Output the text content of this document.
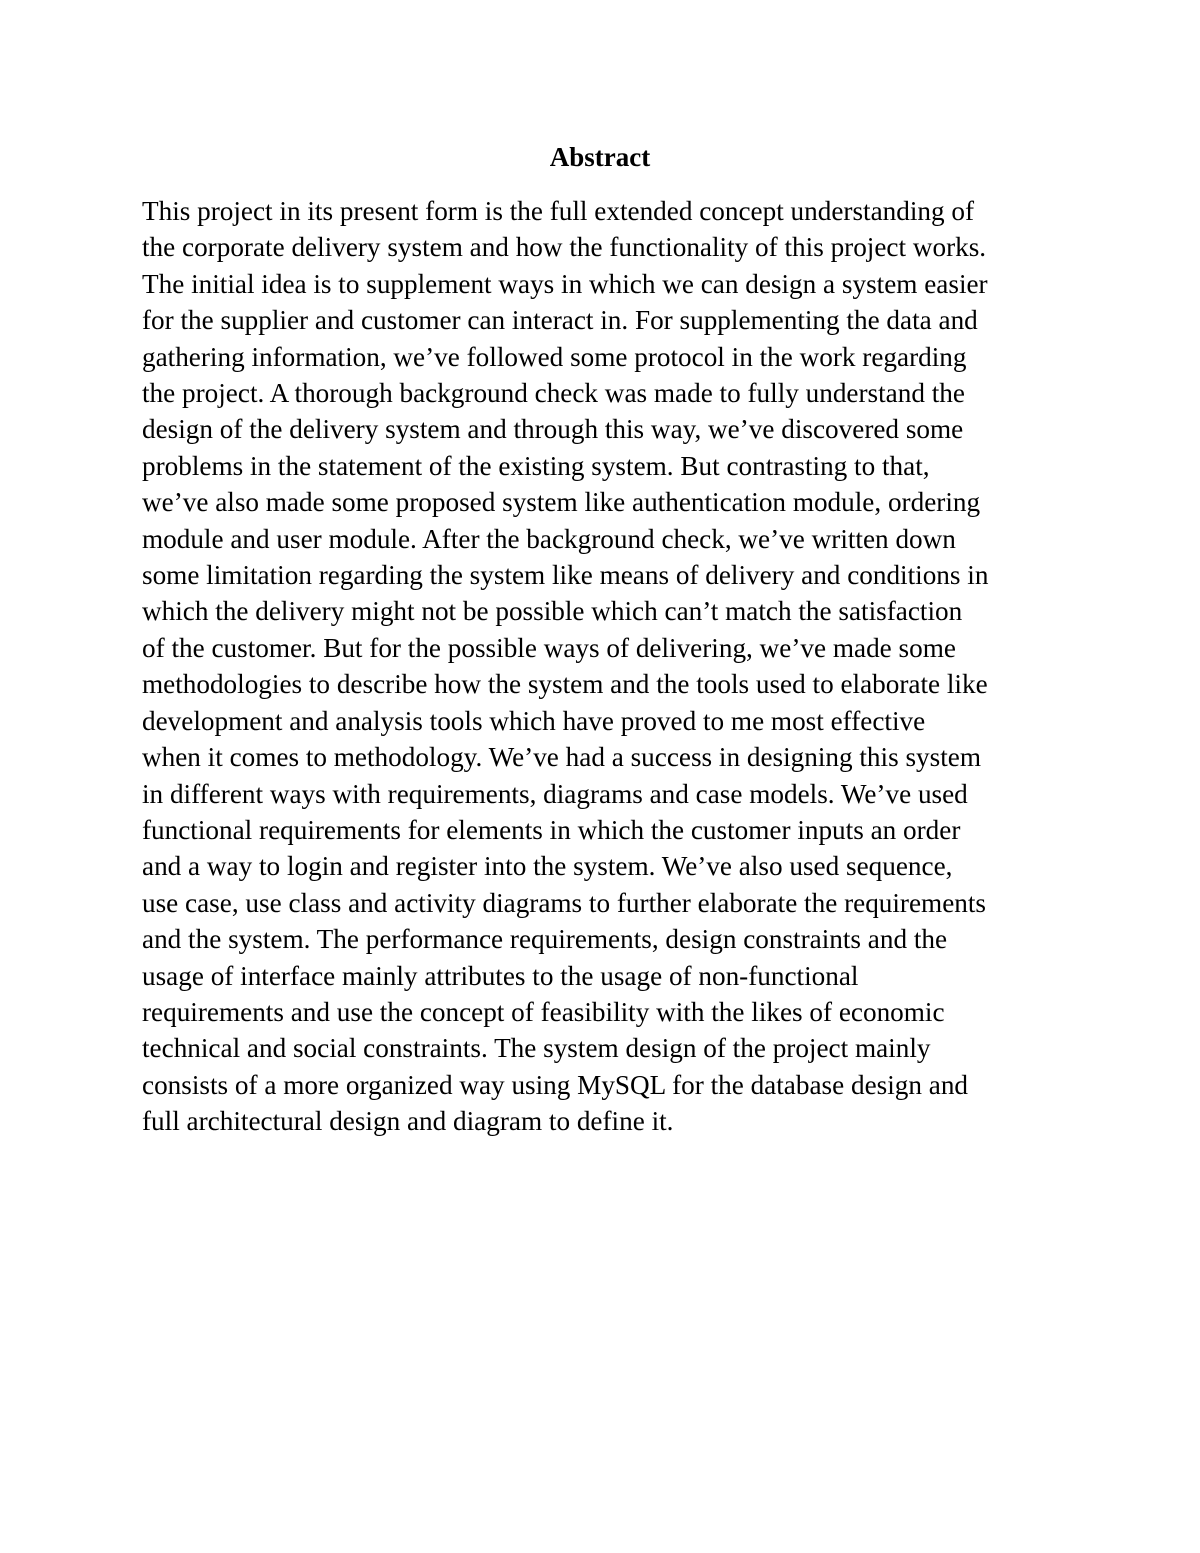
Abstract
This project in its present form is the full extended concept understanding of
the corporate delivery system and how the functionality of this project works.
The initial idea is to supplement ways in which we can design a system easier
for the supplier and customer can interact in. For supplementing the data and
gathering information, we’ve followed some protocol in the work regarding
the project. A thorough background check was made to fully understand the
design of the delivery system and through this way, we’ve discovered some
problems in the statement of the existing system. But contrasting to that,
we’ve also made some proposed system like authentication module, ordering
module and user module. After the background check, we’ve written down
some limitation regarding the system like means of delivery and conditions in
which the delivery might not be possible which can’t match the satisfaction
of the customer. But for the possible ways of delivering, we’ve made some
methodologies to describe how the system and the tools used to elaborate like
development and analysis tools which have proved to me most effective
when it comes to methodology. We’ve had a success in designing this system
in different ways with requirements, diagrams and case models. We’ve used
functional requirements for elements in which the customer inputs an order
and a way to login and register into the system. We’ve also used sequence,
use case, use class and activity diagrams to further elaborate the requirements
and the system. The performance requirements, design constraints and the
usage of interface mainly attributes to the usage of non-functional
requirements and use the concept of feasibility with the likes of economic
technical and social constraints. The system design of the project mainly
consists of a more organized way using MySQL for the database design and
full architectural design and diagram to define it.
